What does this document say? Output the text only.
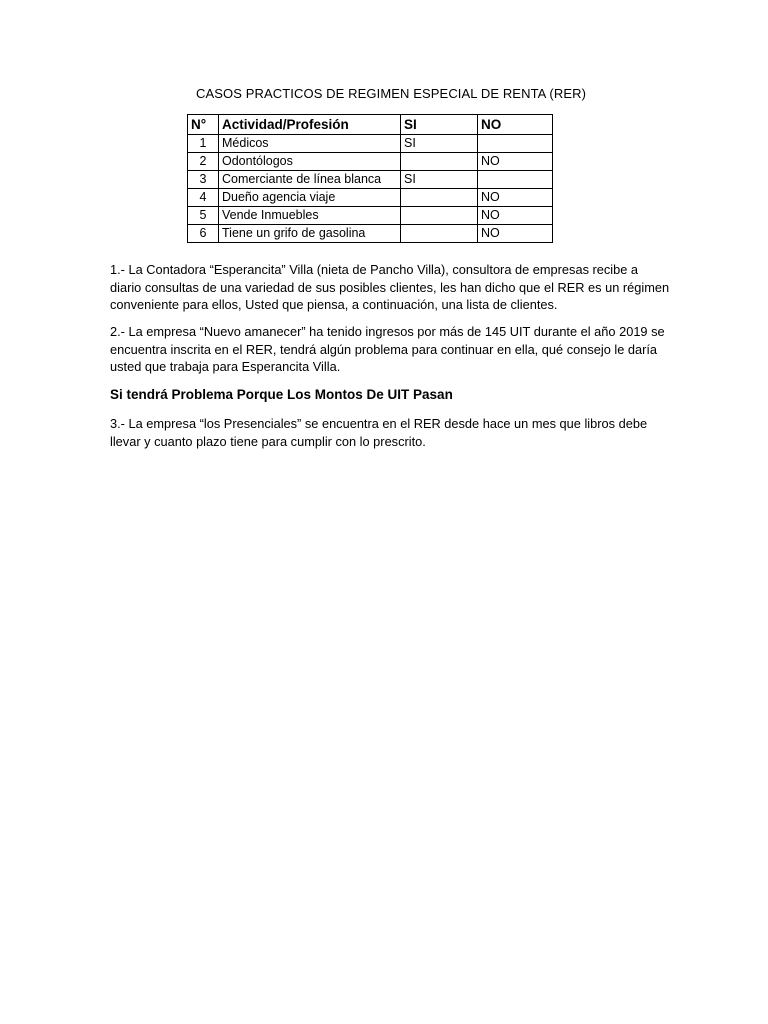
CASOS PRACTICOS DE REGIMEN ESPECIAL DE RENTA (RER)
N°	Actividad/Profesión	SI	NO
1	Médicos	SI	
2	Odontólogos		NO
3	Comerciante de línea blanca	SI	
4	Dueño agencia viaje		NO
5	Vende Inmuebles		NO
6	Tiene un grifo de gasolina		NO

1.- La Contadora “Esperancita” Villa (nieta de Pancho Villa), consultora de empresas recibe a diario consultas de una variedad de sus posibles clientes, les han dicho que el RER es un régimen conveniente para ellos, Usted que piensa, a continuación, una lista de clientes.

2.- La empresa “Nuevo amanecer” ha tenido ingresos por más de 145 UIT durante el año 2019 se encuentra inscrita en el RER, tendrá algún problema para continuar en ella, qué consejo le daría usted que trabaja para Esperancita Villa.

Si tendrá Problema Porque Los Montos De UIT Pasan

3.- La empresa “los Presenciales” se encuentra en el RER desde hace un mes que libros debe llevar y cuanto plazo tiene para cumplir con lo prescrito.
